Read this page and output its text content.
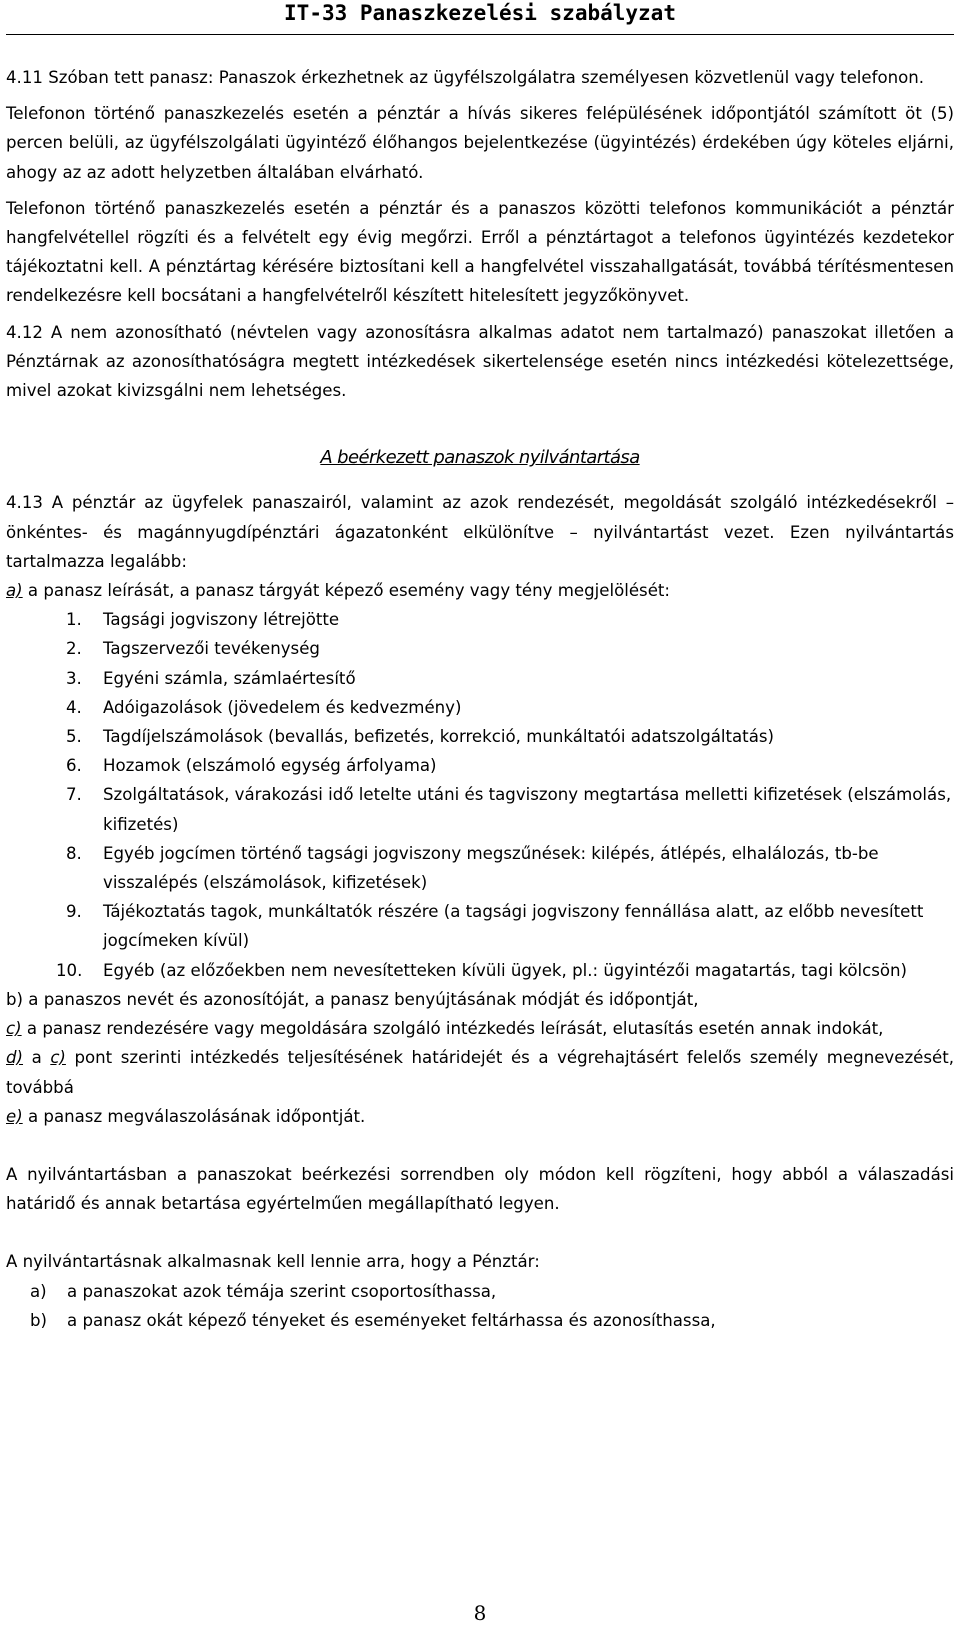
IT-33 Panaszkezelési szabályzat

4.11 Szóban tett panasz: Panaszok érkezhetnek az ügyfélszolgálatra személyesen közvetlenül vagy telefonon.

Telefonon történő panaszkezelés esetén a pénztár a hívás sikeres felépülésének időpontjától számított öt (5) percen belüli, az ügyfélszolgálati ügyintéző élőhangos bejelentkezése (ügyintézés) érdekében úgy köteles eljárni, ahogy az az adott helyzetben általában elvárható.

Telefonon történő panaszkezelés esetén a pénztár és a panaszos közötti telefonos kommunikációt a pénztár hangfelvétellel rögzíti és a felvételt egy évig megőrzi. Erről a pénztártagot a telefonos ügyintézés kezdetekor tájékoztatni kell. A pénztártag kérésére biztosítani kell a hangfelvétel visszahallgatását, továbbá térítésmentesen rendelkezésre kell bocsátani a hangfelvételről készített hitelesített jegyzőkönyvet.

4.12 A nem azonosítható (névtelen vagy azonosításra alkalmas adatot nem tartalmazó) panaszokat illetően a Pénztárnak az azonosíthatóságra megtett intézkedések sikertelensége esetén nincs intézkedési kötelezettsége, mivel azokat kivizsgálni nem lehetséges.

A beérkezett panaszok nyilvántartása

4.13 A pénztár az ügyfelek panaszairól, valamint az azok rendezését, megoldását szolgáló intézkedésekről – önkéntes- és magánnyugdípénztári ágazatonként elkülönítve – nyilvántartást vezet. Ezen nyilvántartás tartalmazza legalább:

a) a panasz leírását, a panasz tárgyát képező esemény vagy tény megjelölését:

1. Tagsági jogviszony létrejötte
2. Tagszervezői tevékenység
3. Egyéni számla, számlaértesítő
4. Adóigazolások (jövedelem és kedvezmény)
5. Tagdíjelszámolások (bevallás, befizetés, korrekció, munkáltatói adatszolgáltatás)
6. Hozamok (elszámoló egység árfolyama)
7. Szolgáltatások, várakozási idő letelte utáni és tagviszony megtartása melletti kifizetések (elszámolás, kifizetés)
8. Egyéb jogcímen történő tagsági jogviszony megszűnések: kilépés, átlépés, elhalálozás, tb-be visszalépés (elszámolások, kifizetések)
9. Tájékoztatás tagok, munkáltatók részére (a tagsági jogviszony fennállása alatt, az előbb nevesített jogcímeken kívül)
10. Egyéb (az előzőekben nem nevesítetteken kívüli ügyek, pl.: ügyintézői magatartás, tagi kölcsön)

b) a panaszos nevét és azonosítóját, a panasz benyújtásának módját és időpontját,

c) a panasz rendezésére vagy megoldására szolgáló intézkedés leírását, elutasítás esetén annak indokát,

d) a c) pont szerinti intézkedés teljesítésének határidejét és a végrehajtásért felelős személy megnevezését, továbbá

e) a panasz megválaszolásának időpontját.

A nyilvántartásban a panaszokat beérkezési sorrendben oly módon kell rögzíteni, hogy abból a válaszadási határidő és annak betartása egyértelműen megállapítható legyen.

A nyilvántartásnak alkalmasnak kell lennie arra, hogy a Pénztár:

a) a panaszokat azok témája szerint csoportosíthassa,
b) a panasz okát képező tényeket és eseményeket feltárhassa és azonosíthassa,
8
